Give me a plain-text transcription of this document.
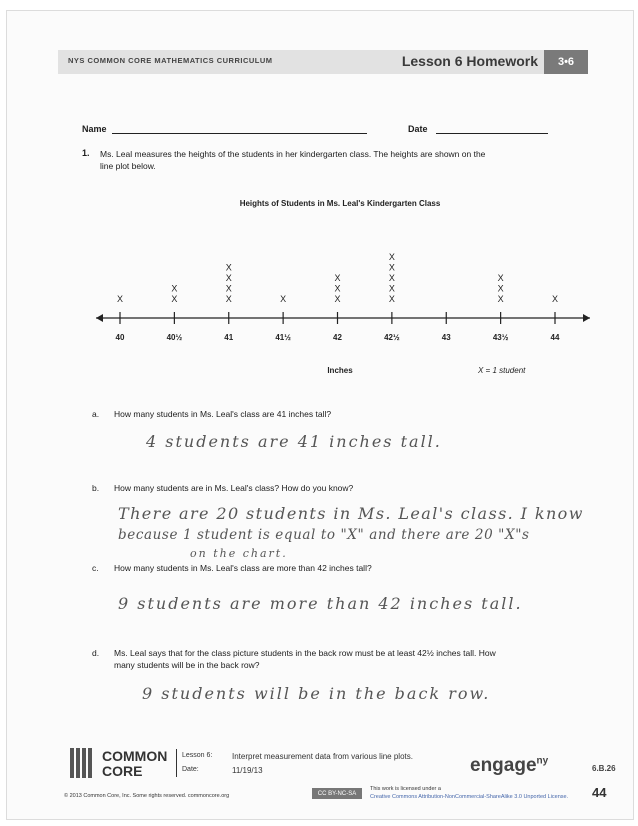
NYS COMMON CORE MATHEMATICS CURRICULUM	Lesson 6 Homework	3•6
Name	Date
1. Ms. Leal measures the heights of the students in her kindergarten class. The heights are shown on the
line plot below.
Heights of Students in Ms. Leal's Kindergarten Class
40	40½	41	41½	42	42½	43	43½	44
X	X
X
X
X
X
X
X	X
X
X
X
X
X
X
X
X
X
X
X
Inches	X = 1 student
a. How many students in Ms. Leal's class are 41 inches tall?
4 students are 41 inches tall.
b. How many students are in Ms. Leal's class? How do you know?
There are 20 students in Ms. Leal's class. I know
because 1 student is equal to "X" and there are 20 "X"s
on the chart.
c. How many students in Ms. Leal's class are more than 42 inches tall?
9 students are more than 42 inches tall.
d. Ms. Leal says that for the class picture students in the back row must be at least 42½ inches tall. How
many students will be in the back row?
9 students will be in the back row.
COMMON
CORE
Lesson 6:
Date:
Interpret measurement data from various line plots.
11/19/13	engage$^{ny}$
6.B.26
44
CC BY-NC-SA
This work is licensed under a
Creative Commons Attribution-NonCommercial-ShareAlike 3.0 Unported License.
© 2013 Common Core, Inc. Some rights reserved. commoncore.org
